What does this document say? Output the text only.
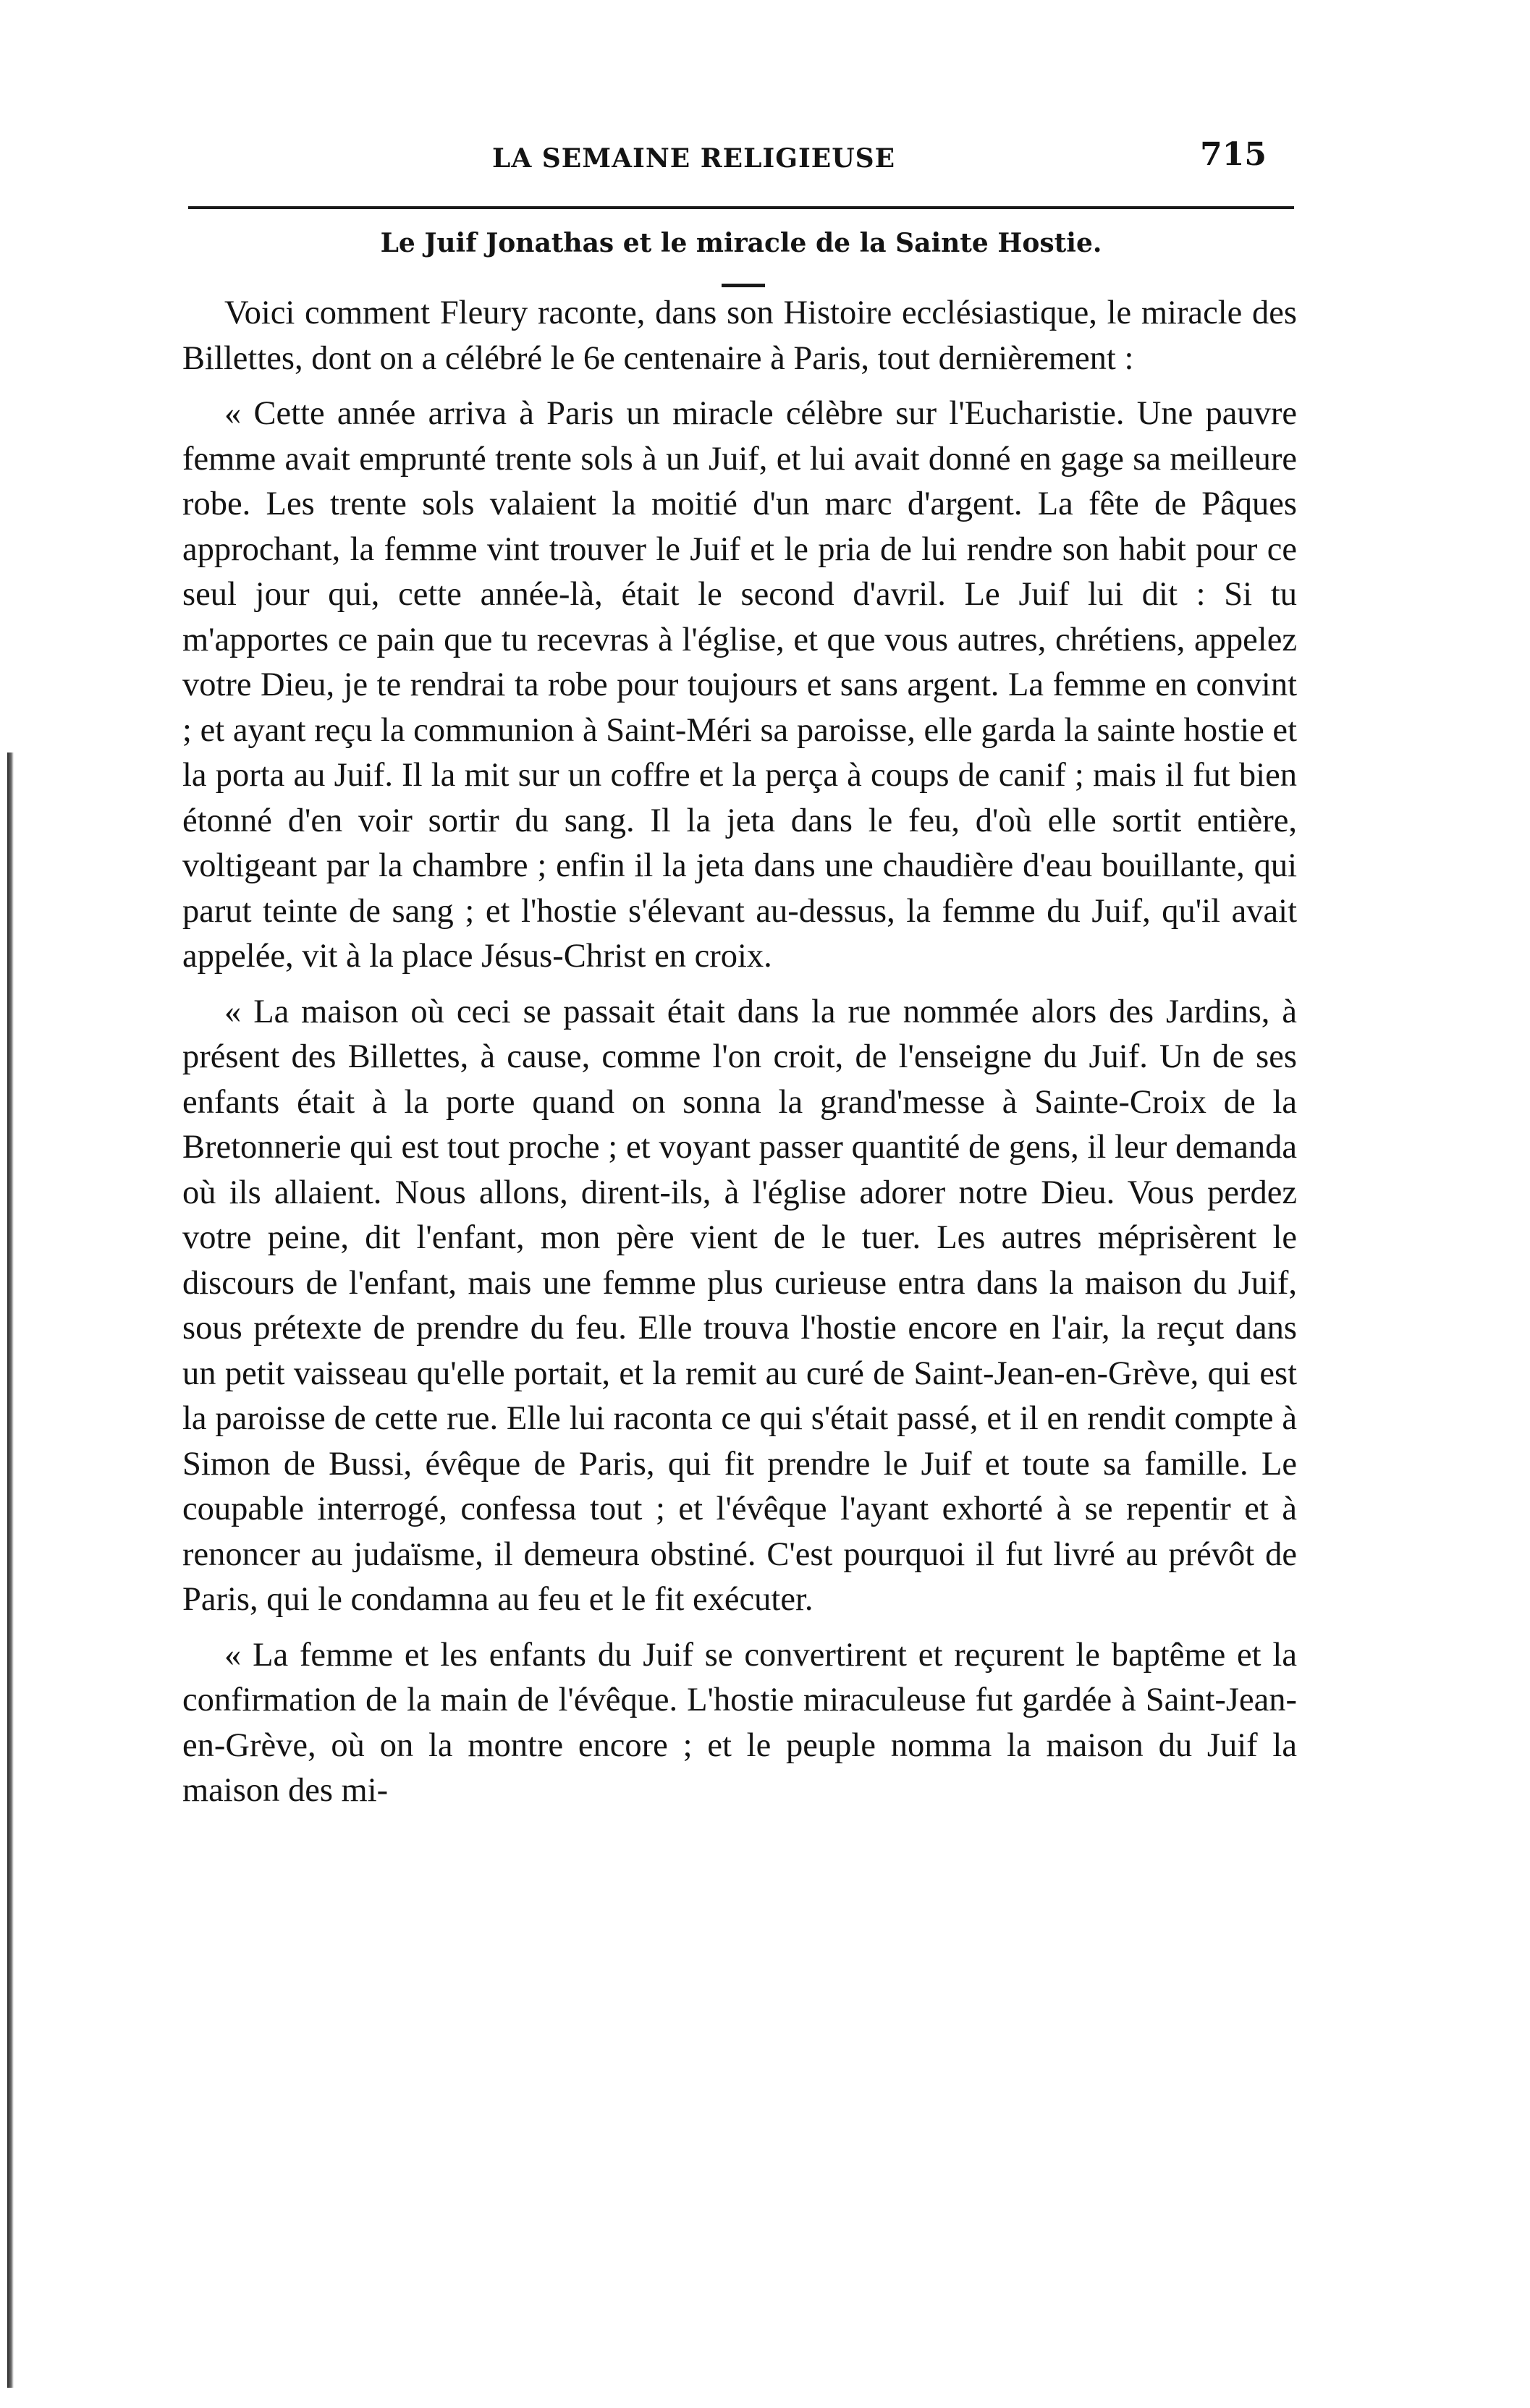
LA SEMAINE RELIGIEUSE	715
Le Juif Jonathas et le miracle de la Sainte Hostie.

Voici comment Fleury raconte, dans son Histoire ecclésiastique, le miracle des Billettes, dont on a célébré le 6e centenaire à Paris, tout dernièrement :

« Cette année arriva à Paris un miracle célèbre sur l'Eucharistie. Une pauvre femme avait emprunté trente sols à un Juif, et lui avait donné en gage sa meilleure robe. Les trente sols valaient la moitié d'un marc d'argent. La fête de Pâques approchant, la femme vint trouver le Juif et le pria de lui rendre son habit pour ce seul jour qui, cette année-là, était le second d'avril. Le Juif lui dit : Si tu m'apportes ce pain que tu recevras à l'église, et que vous autres, chrétiens, appelez votre Dieu, je te rendrai ta robe pour toujours et sans argent. La femme en convint ; et ayant reçu la communion à Saint-Méri sa paroisse, elle garda la sainte hostie et la porta au Juif. Il la mit sur un coffre et la perça à coups de canif ; mais il fut bien étonné d'en voir sortir du sang. Il la jeta dans le feu, d'où elle sortit entière, voltigeant par la chambre ; enfin il la jeta dans une chaudière d'eau bouillante, qui parut teinte de sang ; et l'hostie s'élevant au-dessus, la femme du Juif, qu'il avait appelée, vit à la place Jésus-Christ en croix.

« La maison où ceci se passait était dans la rue nommée alors des Jardins, à présent des Billettes, à cause, comme l'on croit, de l'enseigne du Juif. Un de ses enfants était à la porte quand on sonna la grand'messe à Sainte-Croix de la Bretonnerie qui est tout proche ; et voyant passer quantité de gens, il leur demanda où ils allaient. Nous allons, dirent-ils, à l'église adorer notre Dieu. Vous perdez votre peine, dit l'enfant, mon père vient de le tuer. Les autres méprisèrent le discours de l'enfant, mais une femme plus curieuse entra dans la maison du Juif, sous prétexte de prendre du feu. Elle trouva l'hostie encore en l'air, la reçut dans un petit vaisseau qu'elle portait, et la remit au curé de Saint-Jean-en-Grève, qui est la paroisse de cette rue. Elle lui raconta ce qui s'était passé, et il en rendit compte à Simon de Bussi, évêque de Paris, qui fit prendre le Juif et toute sa famille. Le coupable interrogé, confessa tout ; et l'évêque l'ayant exhorté à se repentir et à renoncer au judaïsme, il demeura obstiné. C'est pourquoi il fut livré au prévôt de Paris, qui le condamna au feu et le fit exécuter.

« La femme et les enfants du Juif se convertirent et reçurent le baptême et la confirmation de la main de l'évêque. L'hostie miraculeuse fut gardée à Saint-Jean-en-Grève, où on la montre encore ; et le peuple nomma la maison du Juif la maison des mi-
